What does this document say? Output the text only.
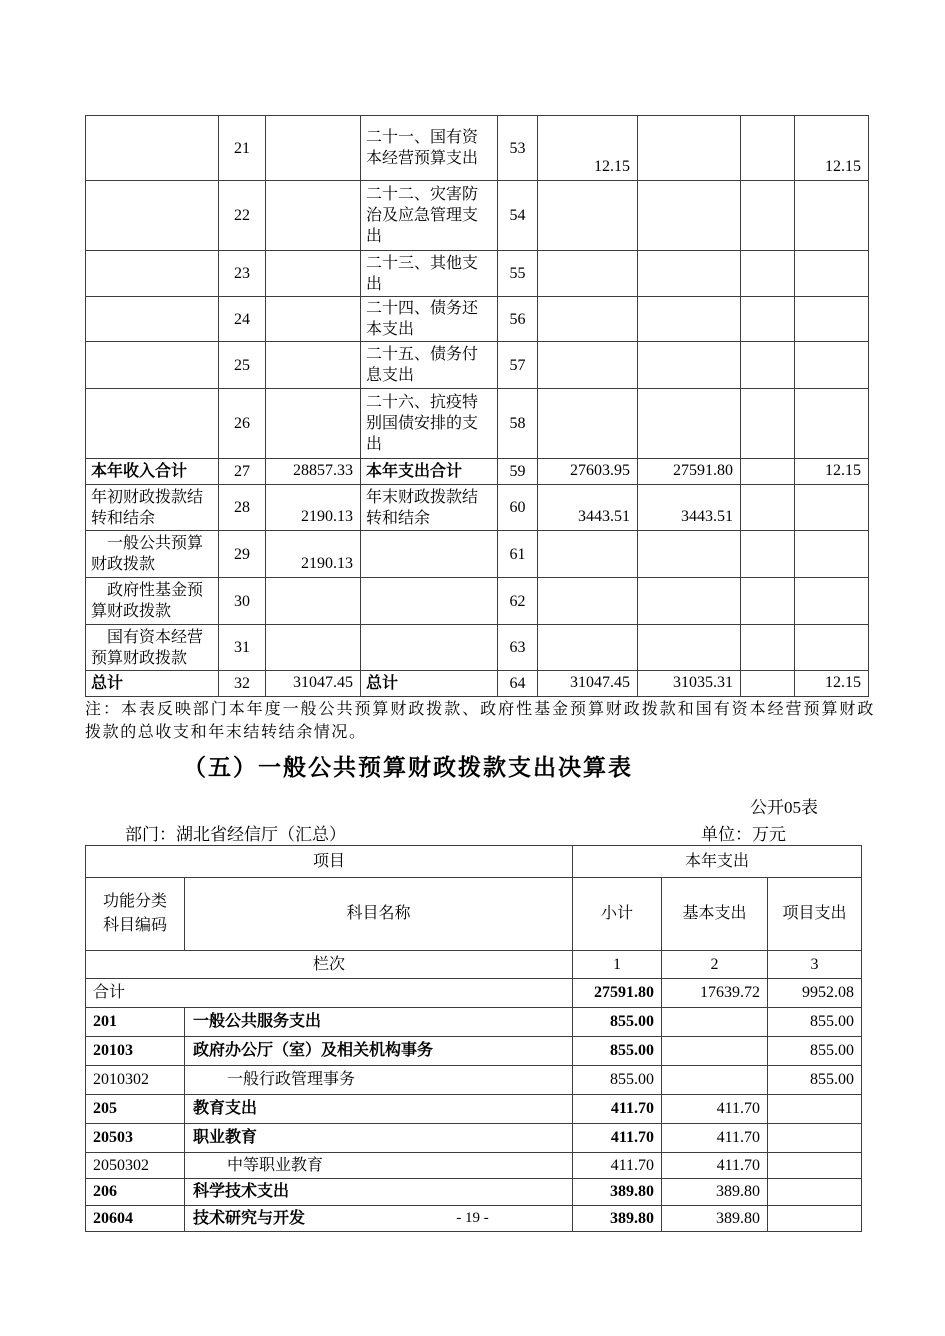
	21		二十一、国有资本经营预算支出	53	12.15			12.15
	22		二十二、灾害防治及应急管理支出	54				
	23		二十三、其他支出	55				
	24		二十四、债务还本支出	56				
	25		二十五、债务付息支出	57				
	26		二十六、抗疫特别国债安排的支出	58				
本年收入合计	27	28857.33	本年支出合计	59	27603.95	27591.80		12.15
年初财政拨款结转和结余	28	2190.13	年末财政拨款结转和结余	60	3443.51	3443.51		
一般公共预算财政拨款	29	2190.13		61				
政府性基金预算财政拨款	30			62				
国有资本经营预算财政拨款	31			63				
总计	32	31047.45	总计	64	31047.45	31035.31		12.15
注：本表反映部门本年度一般公共预算财政拨款、政府性基金预算财政拨款和国有资本经营预算财政拨款的总收支和年末结转结余情况。
（五）一般公共预算财政拨款支出决算表
公开05表
部门：湖北省经信厅（汇总）	单位：万元
项目		本年支出		
功能分类科目编码	科目名称	小计	基本支出	项目支出
栏次		1	2	3
合计		27591.80	17639.72	9952.08
201	一般公共服务支出	855.00		855.00
20103	政府办公厅（室）及相关机构事务	855.00		855.00
2010302	一般行政管理事务	855.00		855.00
205	教育支出	411.70	411.70	
20503	职业教育	411.70	411.70	
2050302	中等职业教育	411.70	411.70	
206	科学技术支出	389.80	389.80	
20604	技术研究与开发	389.80	389.80	
- 19 -
